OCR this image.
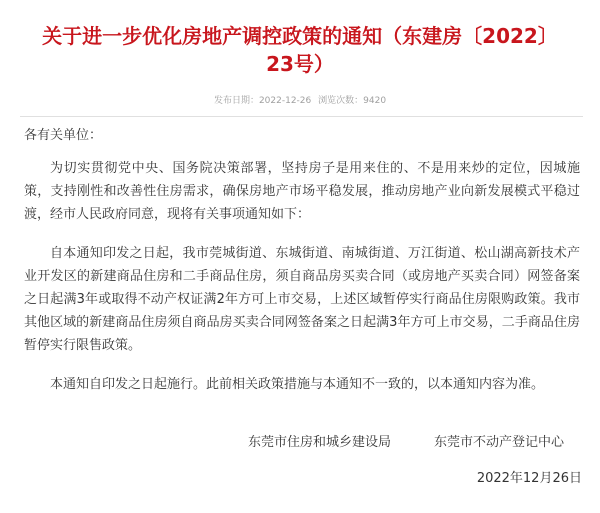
关于进一步优化房地产调控政策的通知（东建房〔2022〕23号）
发布日期：2022-12-26 浏览次数：9420

各有关单位：

为切实贯彻党中央、国务院决策部署，坚持房子是用来住的、不是用来炒的定位，因城施策，支持刚性和改善性住房需求，确保房地产市场平稳发展，推动房地产业向新发展模式平稳过渡，经市人民政府同意，现将有关事项通知如下：

自本通知印发之日起，我市莞城街道、东城街道、南城街道、万江街道、松山湖高新技术产业开发区的新建商品住房和二手商品住房，须自商品房买卖合同（或房地产买卖合同）网签备案之日起满3年或取得不动产权证满2年方可上市交易，上述区域暂停实行商品住房限购政策。我市其他区域的新建商品住房须自商品房买卖合同网签备案之日起满3年方可上市交易，二手商品住房暂停实行限售政策。

本通知自印发之日起施行。此前相关政策措施与本通知不一致的，以本通知内容为准。

东莞市住房和城乡建设局	东莞市不动产登记中心
2022年12月26日
